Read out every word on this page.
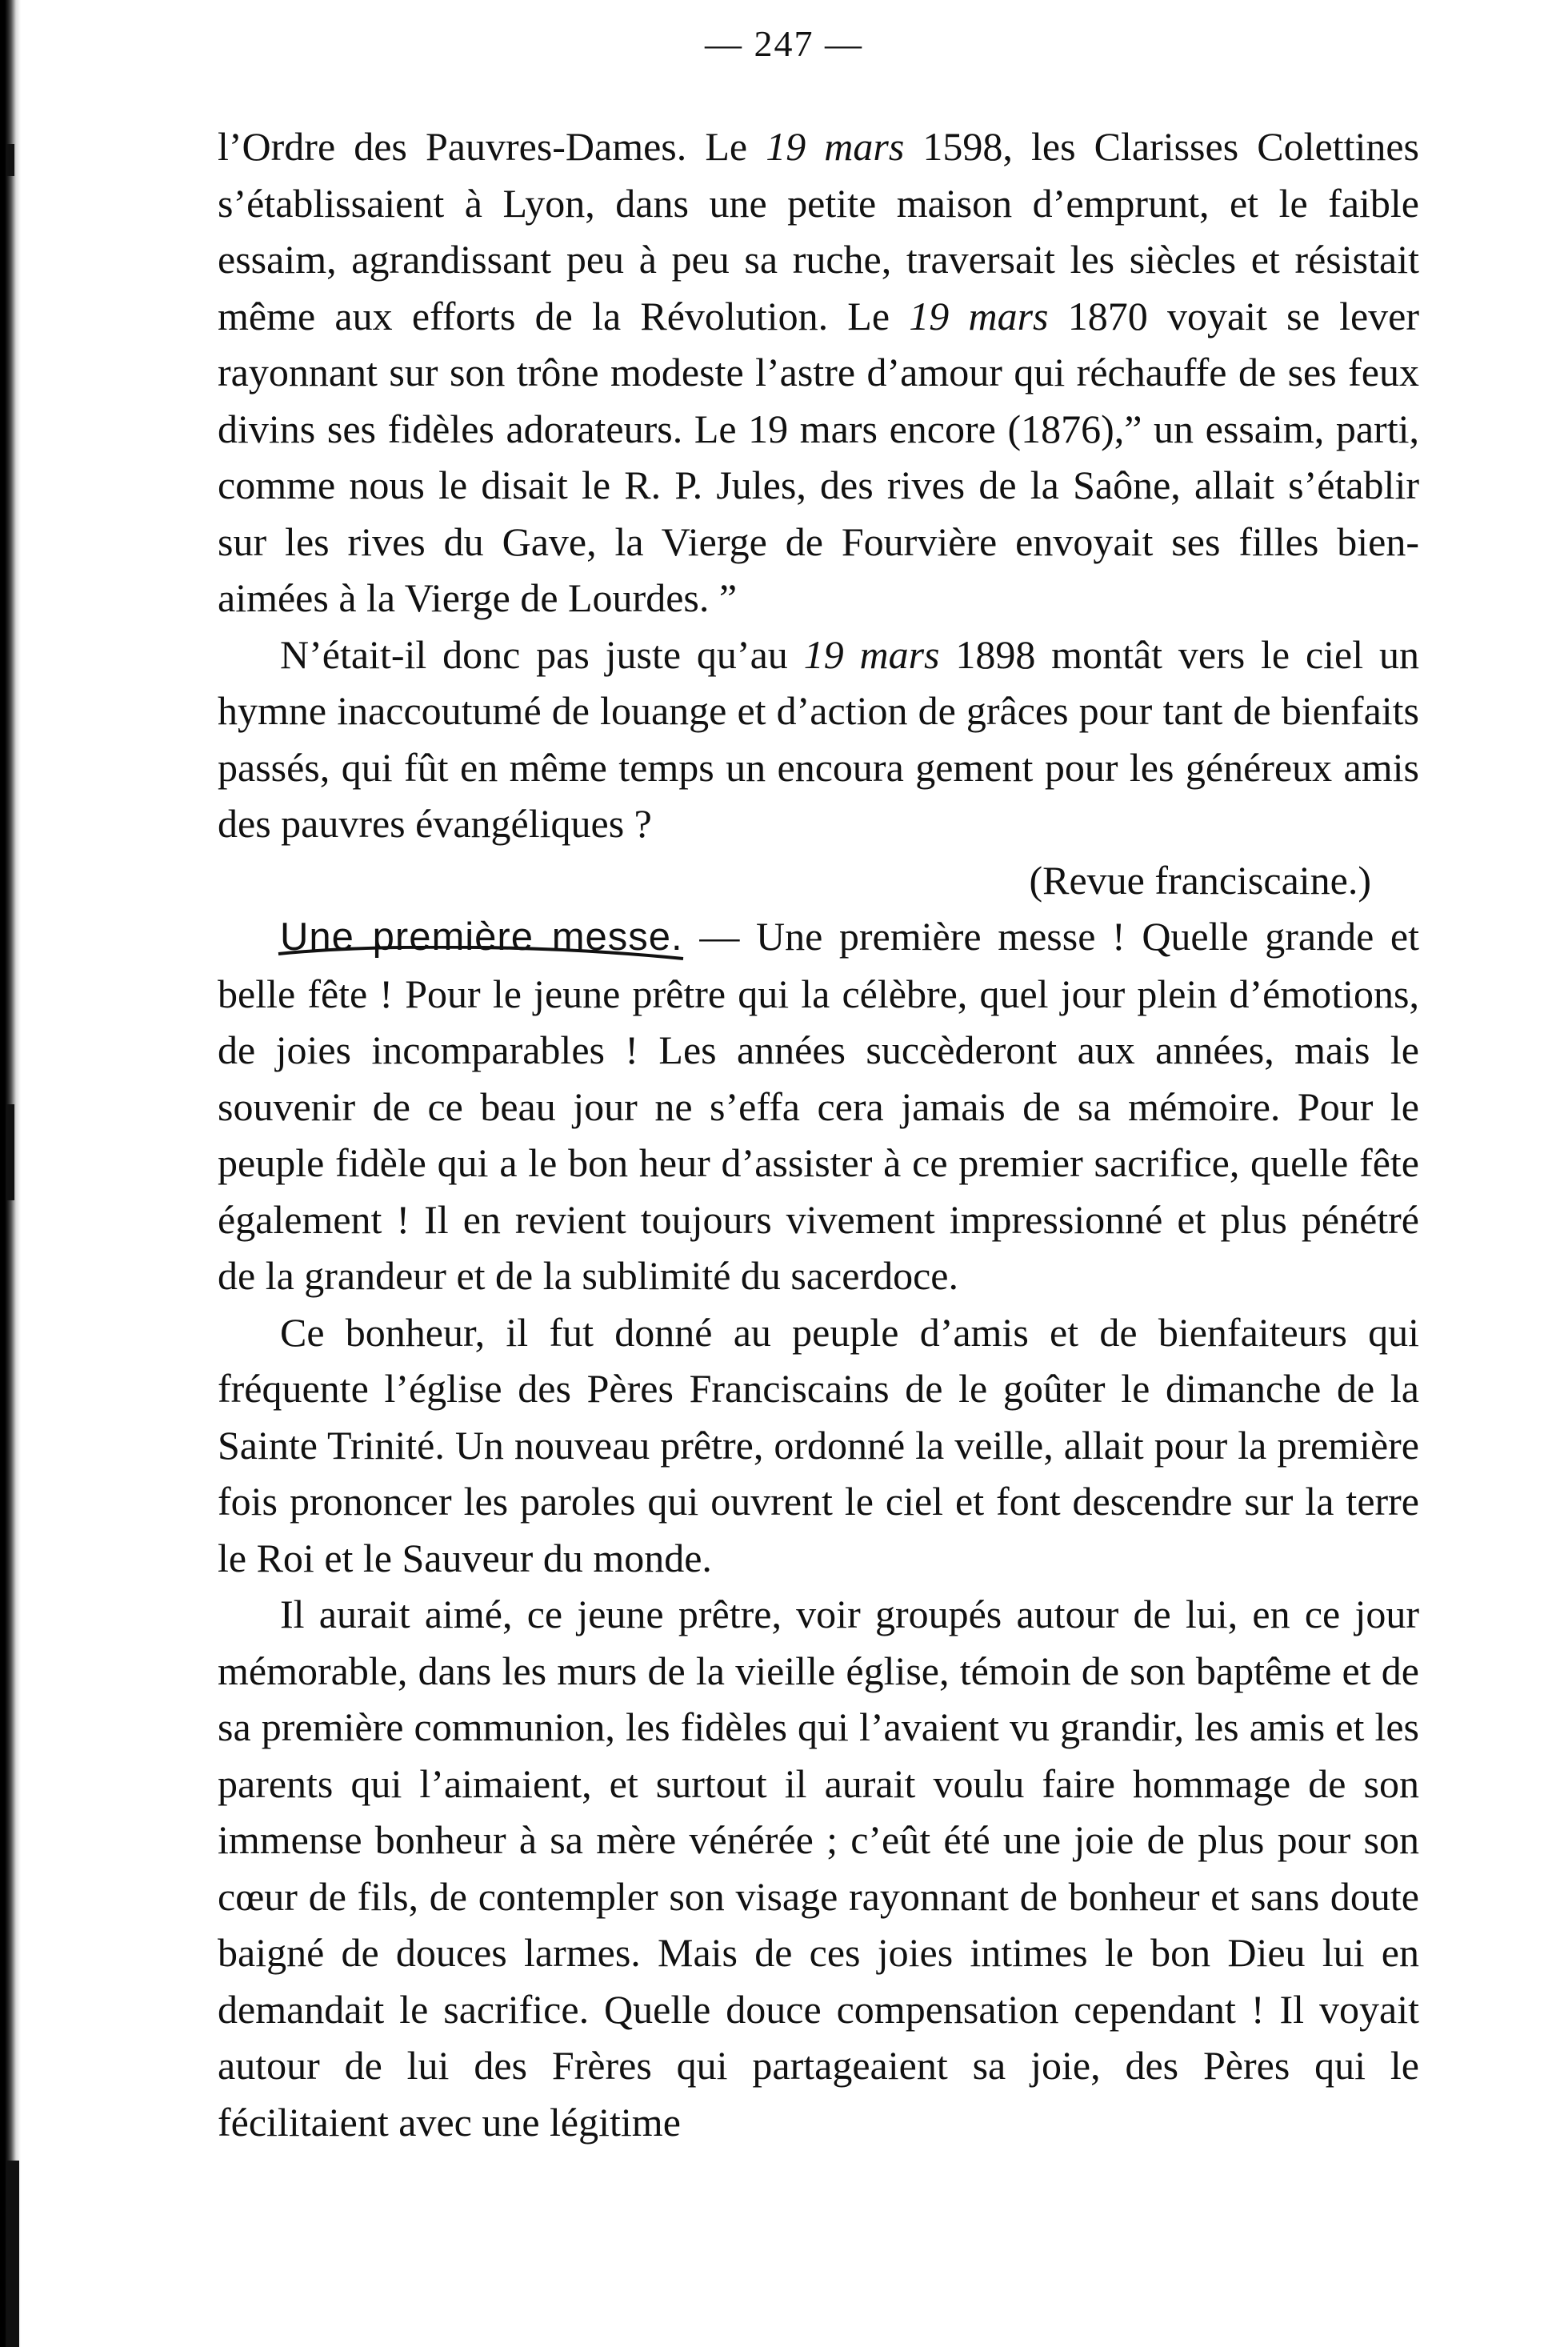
— 247 —

l’Ordre des Pauvres-Dames. Le 19 mars 1598, les Clarisses Colettines s’établissaient à Lyon, dans une petite maison d’emprunt, et le faible essaim, agrandissant peu à peu sa ruche, traversait les siècles et résistait même aux efforts de la Révolution. Le 19 mars 1870 voyait se lever rayonnant sur son trône modeste l’astre d’amour qui réchauffe de ses feux divins ses fidèles adorateurs. Le 19 mars encore (1876),” un essaim, parti, comme nous le disait le R. P. Jules, des rives de la Saône, allait s’établir sur les rives du Gave, la Vierge de Fourvière envoyait ses filles bien-aimées à la Vierge de Lourdes. ”

N’était-il donc pas juste qu’au 19 mars 1898 montât vers le ciel un hymne inaccoutumé de louange et d’action de grâces pour tant de bienfaits passés, qui fût en même temps un encoura gement pour les généreux amis des pauvres évangéliques ?

(Revue franciscaine.)

Une première messe.
— Une première messe ! Quelle grande et belle fête ! Pour le jeune prêtre qui la célèbre, quel jour plein d’émotions, de joies incomparables ! Les années succèderont aux années, mais le souvenir de ce beau jour ne s’effa cera jamais de sa mémoire. Pour le peuple fidèle qui a le bon heur d’assister à ce premier sacrifice, quelle fête également ! Il en revient toujours vivement impressionné et plus pénétré de la grandeur et de la sublimité du sacerdoce.

Ce bonheur, il fut donné au peuple d’amis et de bienfaiteurs qui fréquente l’église des Pères Franciscains de le goûter le dimanche de la Sainte Trinité. Un nouveau prêtre, ordonné la veille, allait pour la première fois prononcer les paroles qui ouvrent le ciel et font descendre sur la terre le Roi et le Sauveur du monde.

Il aurait aimé, ce jeune prêtre, voir groupés autour de lui, en ce jour mémorable, dans les murs de la vieille église, témoin de son baptême et de sa première communion, les fidèles qui l’avaient vu grandir, les amis et les parents qui l’aimaient, et surtout il aurait voulu faire hommage de son immense bonheur à sa mère vénérée ; c’eût été une joie de plus pour son cœur de fils, de contempler son visage rayonnant de bonheur et sans doute baigné de douces larmes. Mais de ces joies intimes le bon Dieu lui en demandait le sacrifice. Quelle douce compensation cependant ! Il voyait autour de lui des Frères qui partageaient sa joie, des Pères qui le fécilitaient avec une légitime
